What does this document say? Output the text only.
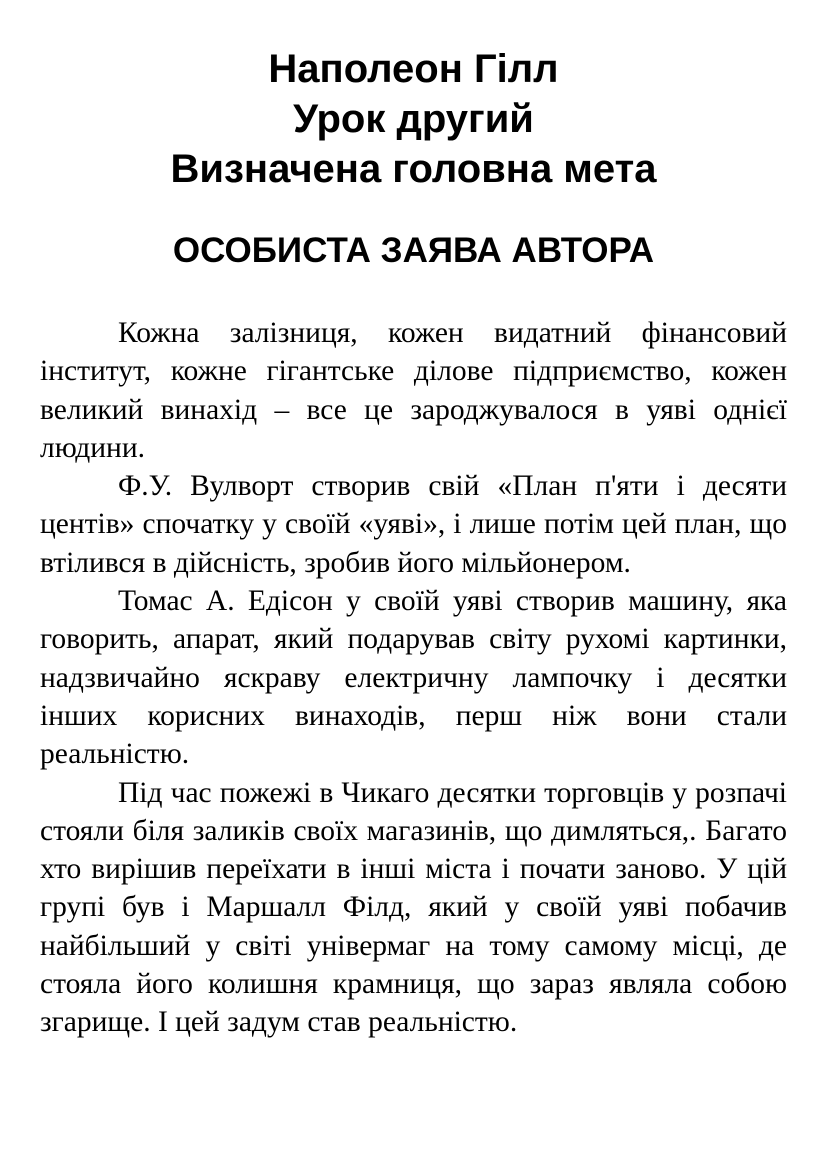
Наполеон Гілл
Урок другий
Визначена головна мета
ОСОБИСТА ЗАЯВА АВТОРА

Кожна залізниця, кожен видатний фінансовий інститут, кожне гігантське ділове підприємство, кожен великий винахід – все це зароджувалося в уяві однієї людини.

Ф.У. Вулворт створив свій «План п'яти і десяти центів» спочатку у своїй «уяві», і лише потім цей план, що втілився в дійсність, зробив його мільйонером.

Томас А. Едісон у своїй уяві створив машину, яка говорить, апарат, який подарував світу рухомі картинки, надзвичайно яскраву електричну лампочку і десятки інших корисних винаходів, перш ніж вони стали реальністю.

Під час пожежі в Чикаго десятки торговців у розпачі стояли біля заликів своїх магазинів, що димляться,. Багато хто вирішив переїхати в інші міста і почати заново. У цій групі був і Маршалл Філд, який у своїй уяві побачив найбільший у світі універмаг на тому самому місці, де стояла його колишня крамниця, що зараз являла собою згарище. І цей задум став реальністю.
